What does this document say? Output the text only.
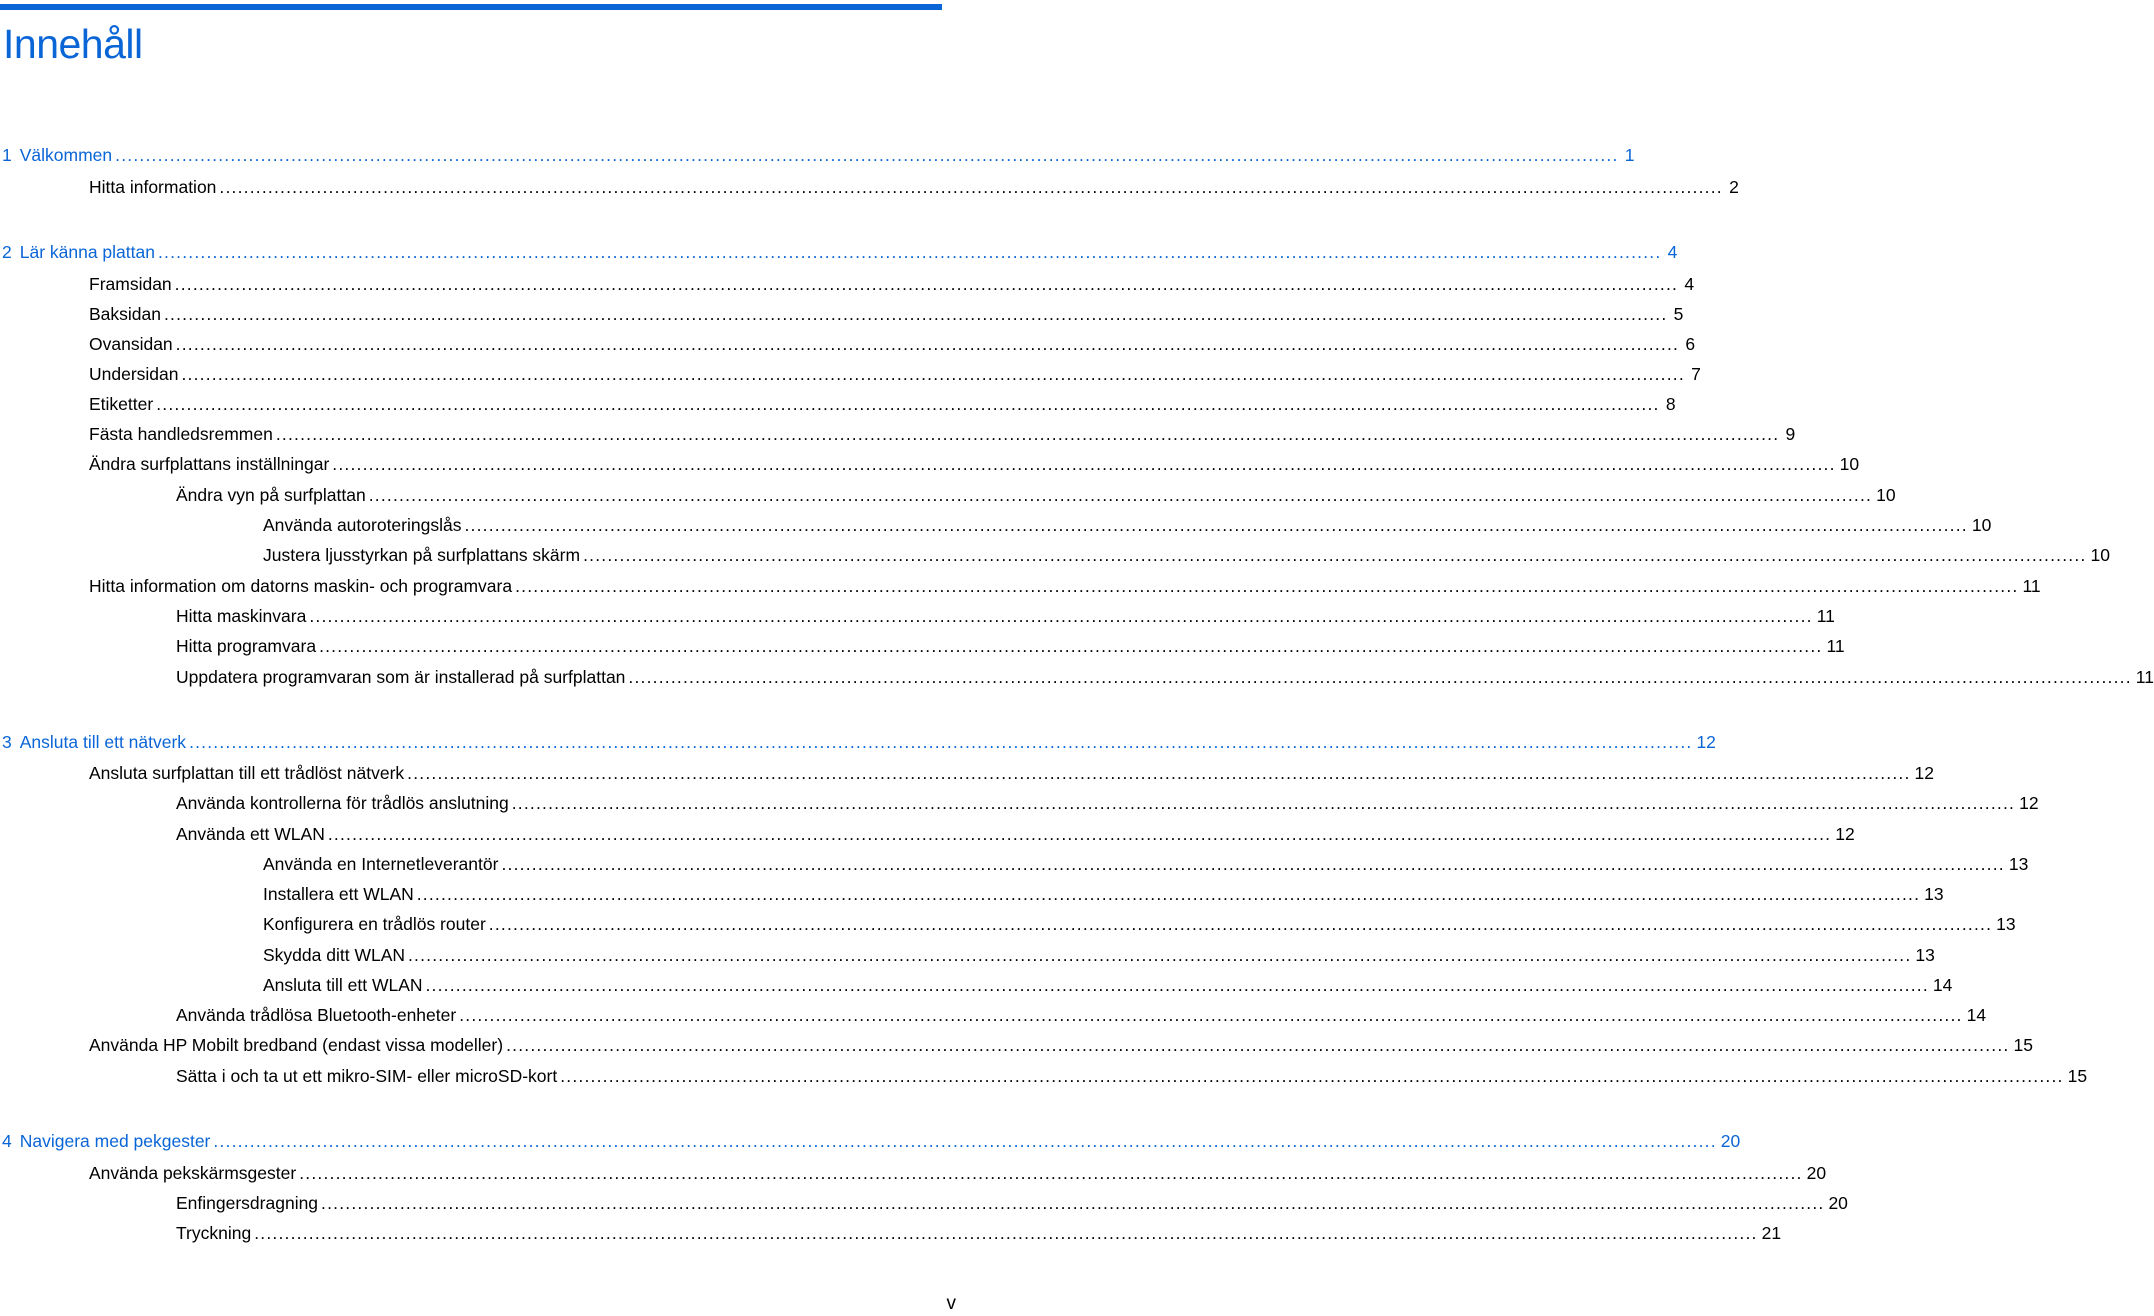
Innehåll
1 Välkommen .....	1
Hitta information .....	2
2 Lär känna plattan .....	4
Framsidan .....	4
Baksidan .....	5
Ovansidan .....	6
Undersidan .....	7
Etiketter .....	8
Fästa handledsremmen .....	9
Ändra surfplattans inställningar .....	10
Ändra vyn på surfplattan .....	10
Använda autoroteringslås .....	10
Justera ljusstyrkan på surfplattans skärm .....	10
Hitta information om datorns maskin- och programvara .....	11
Hitta maskinvara .....	11
Hitta programvara .....	11
Uppdatera programvaran som är installerad på surfplattan .....	11
3 Ansluta till ett nätverk .....	12
Ansluta surfplattan till ett trådlöst nätverk .....	12
Använda kontrollerna för trådlös anslutning .....	12
Använda ett WLAN .....	12
Använda en Internetleverantör .....	13
Installera ett WLAN .....	13
Konfigurera en trådlös router .....	13
Skydda ditt WLAN .....	13
Ansluta till ett WLAN .....	14
Använda trådlösa Bluetooth-enheter .....	14
Använda HP Mobilt bredband (endast vissa modeller) .....	15
Sätta i och ta ut ett mikro-SIM- eller microSD-kort .....	15
4 Navigera med pekgester .....	20
Använda pekskärmsgester .....	20
Enfingersdragning .....	20
Tryckning .....	21
v
